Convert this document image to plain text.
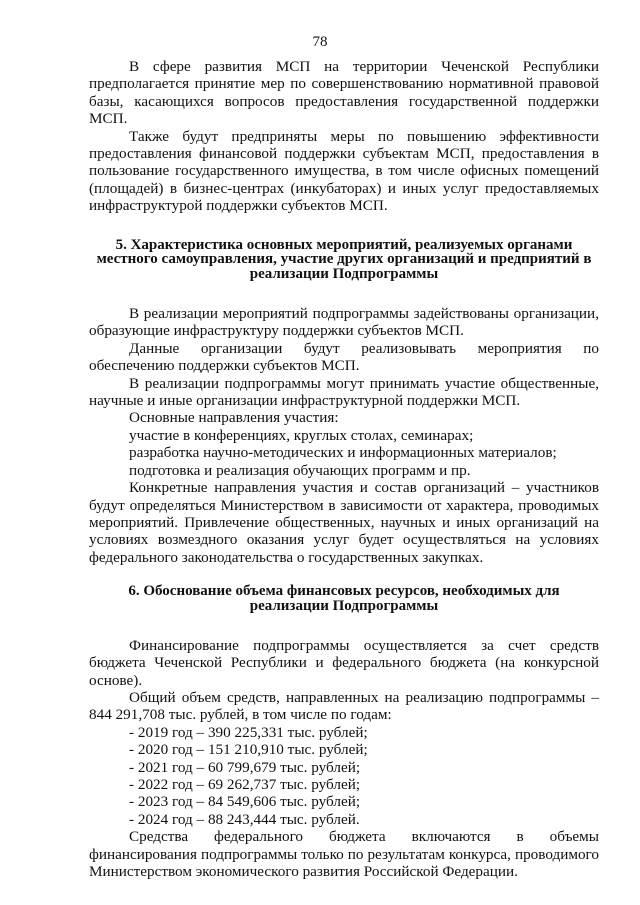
78

В сфере развития МСП на территории Чеченской Республики предполагается принятие мер по совершенствованию нормативной правовой базы, касающихся вопросов предоставления государственной поддержки МСП.

Также будут предприняты меры по повышению эффективности предоставления финансовой поддержки субъектам МСП, предоставления в пользование государственного имущества, в том числе офисных помещений (площадей) в бизнес-центрах (инкубаторах) и иных услуг предоставляемых инфраструктурой поддержки субъектов МСП.

5. Характеристика основных мероприятий, реализуемых органами местного самоуправления, участие других организаций и предприятий в реализации Подпрограммы

В реализации мероприятий подпрограммы задействованы организации, образующие инфраструктуру поддержки субъектов МСП.

Данные организации будут реализовывать мероприятия по обеспечению поддержки субъектов МСП.

В реализации подпрограммы могут принимать участие общественные, научные и иные организации инфраструктурной поддержки МСП.

Основные направления участия:

участие в конференциях, круглых столах, семинарах;

разработка научно-методических и информационных материалов;

подготовка и реализация обучающих программ и пр.

Конкретные направления участия и состав организаций – участников будут определяться Министерством в зависимости от характера, проводимых мероприятий. Привлечение общественных, научных и иных организаций на условиях возмездного оказания услуг будет осуществляться на условиях федерального законодательства о государственных закупках.

6. Обоснование объема финансовых ресурсов, необходимых для реализации Подпрограммы

Финансирование подпрограммы осуществляется за счет средств бюджета Чеченской Республики и федерального бюджета (на конкурсной основе).

Общий объем средств, направленных на реализацию подпрограммы – 844 291,708 тыс. рублей, в том числе по годам:

- 2019 год – 390 225,331 тыс. рублей;

- 2020 год – 151 210,910 тыс. рублей;

- 2021 год – 60 799,679 тыс. рублей;

- 2022 год – 69 262,737 тыс. рублей;

- 2023 год – 84 549,606 тыс. рублей;

- 2024 год – 88 243,444 тыс. рублей.

Средства федерального бюджета включаются в объемы финансирования подпрограммы только по результатам конкурса, проводимого Министерством экономического развития Российской Федерации.
